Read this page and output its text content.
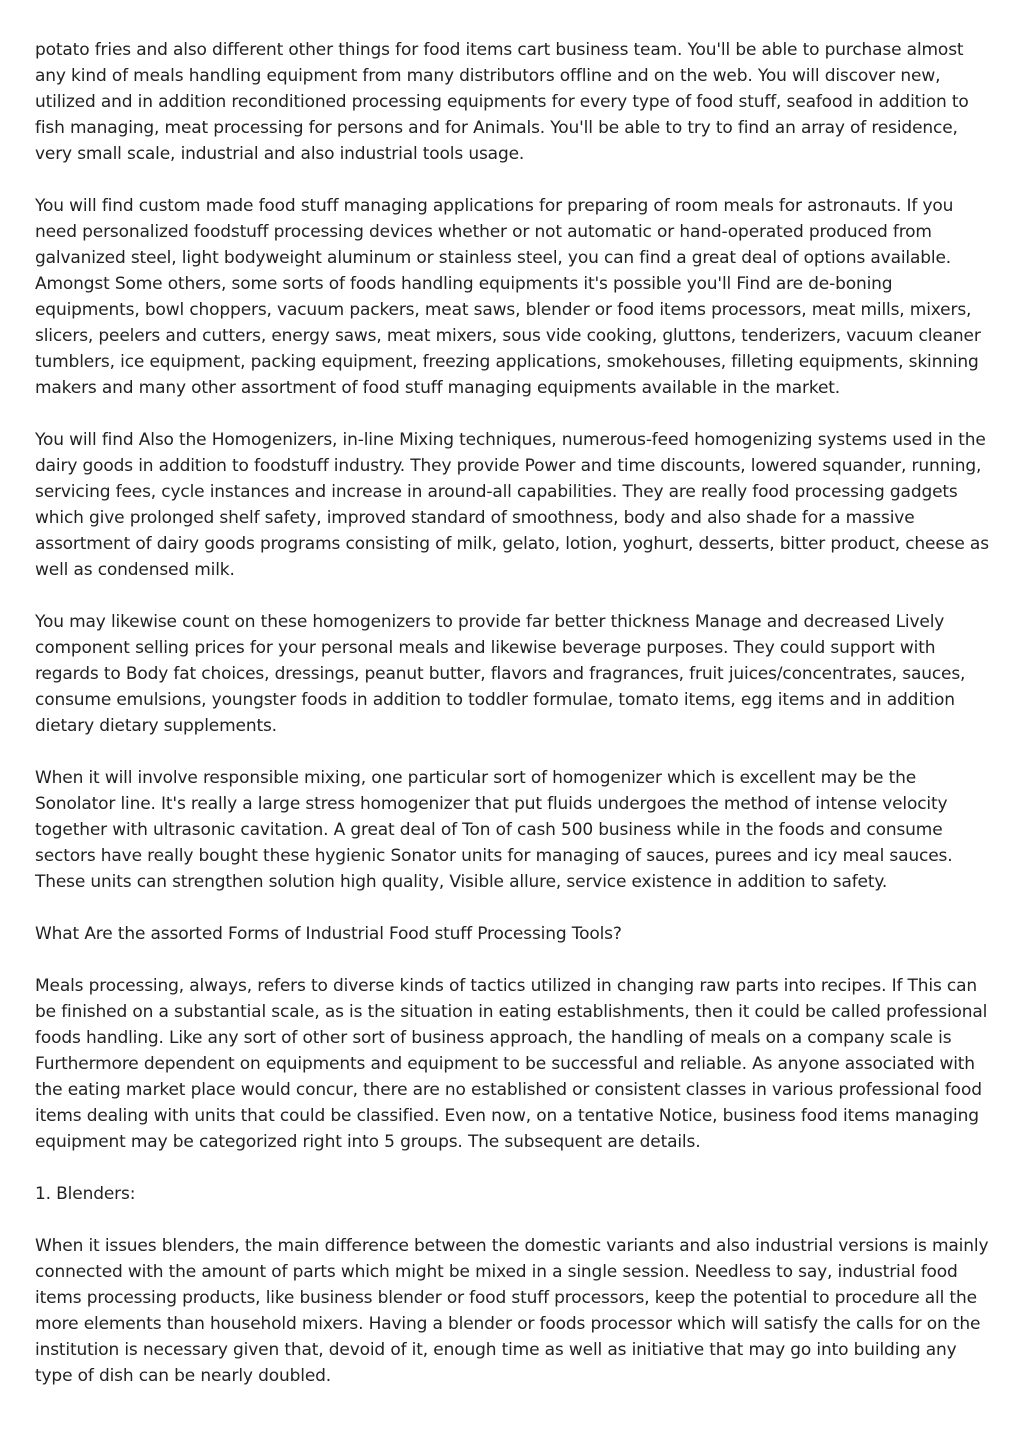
potato fries and also different other things for food items cart business team. You'll be able to purchase almost any kind of meals handling equipment from many distributors offline and on the web. You will discover new, utilized and in addition reconditioned processing equipments for every type of food stuff, seafood in addition to fish managing, meat processing for persons and for Animals. You'll be able to try to find an array of residence, very small scale, industrial and also industrial tools usage.

You will find custom made food stuff managing applications for preparing of room meals for astronauts. If you need personalized foodstuff processing devices whether or not automatic or hand-operated produced from galvanized steel, light bodyweight aluminum or stainless steel, you can find a great deal of options available. Amongst Some others, some sorts of foods handling equipments it's possible you'll Find are de-boning equipments, bowl choppers, vacuum packers, meat saws, blender or food items processors, meat mills, mixers, slicers, peelers and cutters, energy saws, meat mixers, sous vide cooking, gluttons, tenderizers, vacuum cleaner tumblers, ice equipment, packing equipment, freezing applications, smokehouses, filleting equipments, skinning makers and many other assortment of food stuff managing equipments available in the market.

You will find Also the Homogenizers, in-line Mixing techniques, numerous-feed homogenizing systems used in the dairy goods in addition to foodstuff industry. They provide Power and time discounts, lowered squander, running, servicing fees, cycle instances and increase in around-all capabilities. They are really food processing gadgets which give prolonged shelf safety, improved standard of smoothness, body and also shade for a massive assortment of dairy goods programs consisting of milk, gelato, lotion, yoghurt, desserts, bitter product, cheese as well as condensed milk.

You may likewise count on these homogenizers to provide far better thickness Manage and decreased Lively component selling prices for your personal meals and likewise beverage purposes. They could support with regards to Body fat choices, dressings, peanut butter, flavors and fragrances, fruit juices/concentrates, sauces, consume emulsions, youngster foods in addition to toddler formulae, tomato items, egg items and in addition dietary dietary supplements.

When it will involve responsible mixing, one particular sort of homogenizer which is excellent may be the Sonolator line. It's really a large stress homogenizer that put fluids undergoes the method of intense velocity together with ultrasonic cavitation. A great deal of Ton of cash 500 business while in the foods and consume sectors have really bought these hygienic Sonator units for managing of sauces, purees and icy meal sauces. These units can strengthen solution high quality, Visible allure, service existence in addition to safety.

What Are the assorted Forms of Industrial Food stuff Processing Tools?

Meals processing, always, refers to diverse kinds of tactics utilized in changing raw parts into recipes. If This can be finished on a substantial scale, as is the situation in eating establishments, then it could be called professional foods handling. Like any sort of other sort of business approach, the handling of meals on a company scale is Furthermore dependent on equipments and equipment to be successful and reliable. As anyone associated with the eating market place would concur, there are no established or consistent classes in various professional food items dealing with units that could be classified. Even now, on a tentative Notice, business food items managing equipment may be categorized right into 5 groups. The subsequent are details.

1. Blenders:

When it issues blenders, the main difference between the domestic variants and also industrial versions is mainly connected with the amount of parts which might be mixed in a single session. Needless to say, industrial food items processing products, like business blender or food stuff processors, keep the potential to procedure all the more elements than household mixers. Having a blender or foods processor which will satisfy the calls for on the institution is necessary given that, devoid of it, enough time as well as initiative that may go into building any type of dish can be nearly doubled.
